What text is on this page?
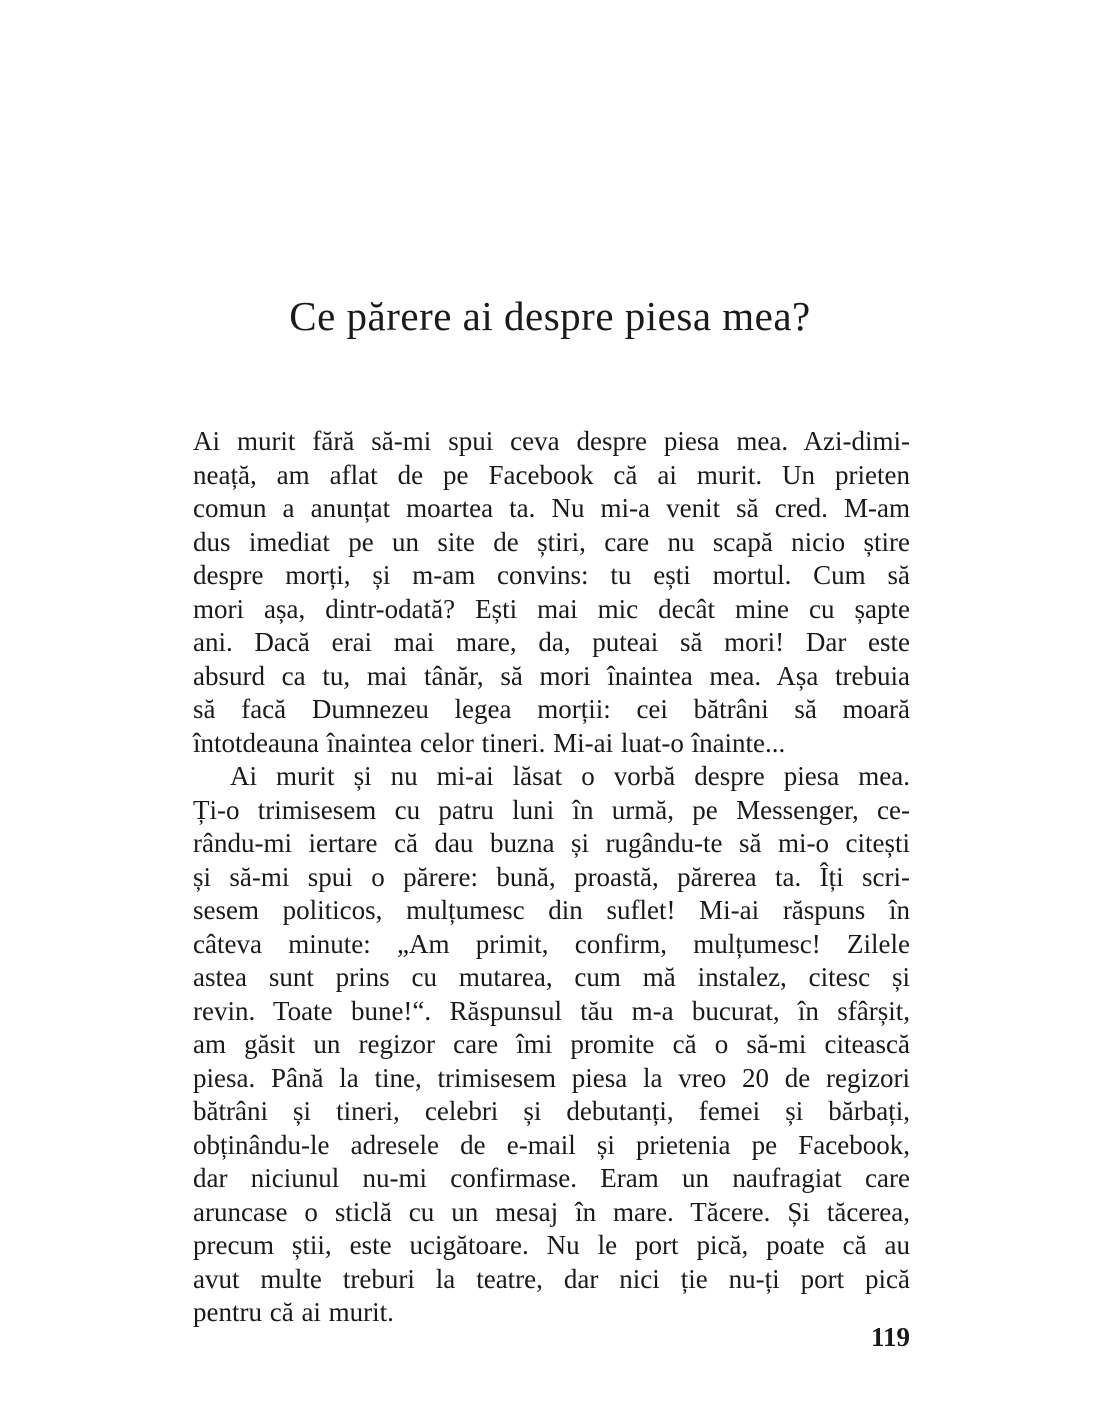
Ce părere ai despre piesa mea?
Ai murit fără să-mi spui ceva despre piesa mea. Azi-dimi-
neață, am aflat de pe Facebook că ai murit. Un prieten
comun a anunțat moartea ta. Nu mi-a venit să cred. M-am
dus imediat pe un site de știri, care nu scapă nicio știre
despre morți, și m-am convins: tu ești mortul. Cum să
mori așa, dintr-odată? Ești mai mic decât mine cu șapte
ani. Dacă erai mai mare, da, puteai să mori! Dar este
absurd ca tu, mai tânăr, să mori înaintea mea. Așa trebuia
să facă Dumnezeu legea morții: cei bătrâni să moară
întotdeauna înaintea celor tineri. Mi-ai luat-o înainte...
Ai murit și nu mi-ai lăsat o vorbă despre piesa mea.
Ți-o trimisesem cu patru luni în urmă, pe Messenger, ce-
rându-mi iertare că dau buzna și rugându-te să mi-o citești
și să-mi spui o părere: bună, proastă, părerea ta. Îți scri-
sesem politicos, mulțumesc din suflet! Mi-ai răspuns în
câteva minute: „Am primit, confirm, mulțumesc! Zilele
astea sunt prins cu mutarea, cum mă instalez, citesc și
revin. Toate bune!“. Răspunsul tău m-a bucurat, în sfârșit,
am găsit un regizor care îmi promite că o să-mi citească
piesa. Până la tine, trimisesem piesa la vreo 20 de regizori
bătrâni și tineri, celebri și debutanți, femei și bărbați,
obținându-le adresele de e-mail și prietenia pe Facebook,
dar niciunul nu-mi confirmase. Eram un naufragiat care
aruncase o sticlă cu un mesaj în mare. Tăcere. Și tăcerea,
precum știi, este ucigătoare. Nu le port pică, poate că au
avut multe treburi la teatre, dar nici ție nu-ți port pică
pentru că ai murit.
119
